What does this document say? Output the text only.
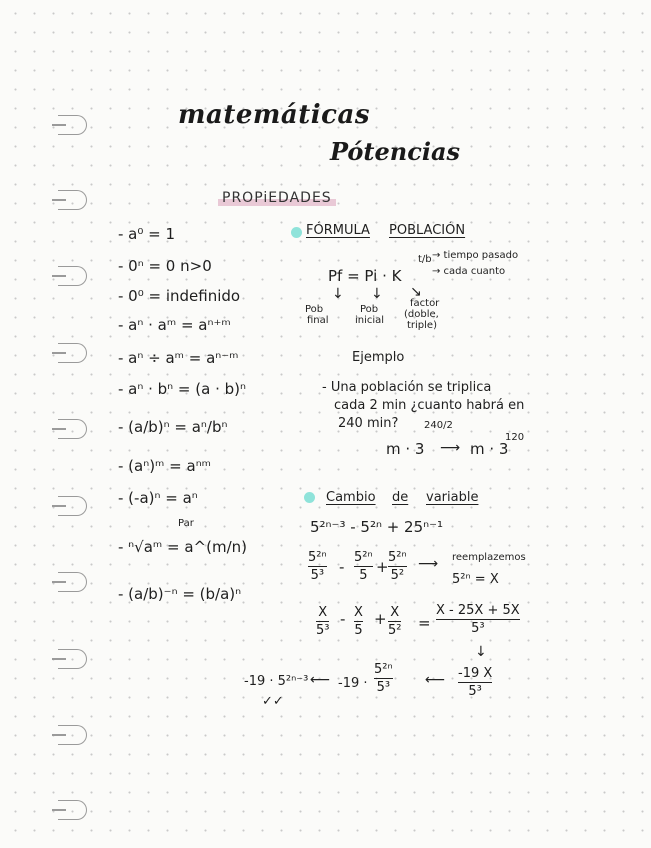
matemáticas
Pótencias
PROPiEDADES
- a⁰ = 1
- 0ⁿ = 0 n>0
- 0⁰ = indefinido
- aⁿ · aᵐ = aⁿ⁺ᵐ
- aⁿ ÷ aᵐ = aⁿ⁻ᵐ
- aⁿ · bⁿ = (a · b)ⁿ
- (a/b)ⁿ = aⁿ/bⁿ
- (aⁿ)ᵐ = aⁿᵐ
- (-a)ⁿ = aⁿ
Par
- ⁿ√aᵐ = a^(m/n)
- (a/b)⁻ⁿ = (b/a)ⁿ
FÓRMULA POBLACIÓN
Pf = Pi · K
t/b → tiempo pasado
→ cada cuanto
↓ ↓ ↘
Pob
final
Pob
inicial
factor
(doble,
triple)
Ejemplo
- Una población se triplica
cada 2 min ¿cuanto habrá en
240 min?
m · 3
240/2
⟶ m · 3
120
Cambio de variable
5²ⁿ⁻³ - 5²ⁿ + 25ⁿ⁻¹
5²ⁿ
5³ -
5²ⁿ
5 +
5²ⁿ
5²
⟶ reemplazemos
5²ⁿ = X
X
5³
- X
5
+ X
5² =
X - 25X + 5X
5³
↓
-19 X
5³
⟵
-19 ·
5²ⁿ
5³
⟵
-19 · 5²ⁿ⁻³
✓✓
